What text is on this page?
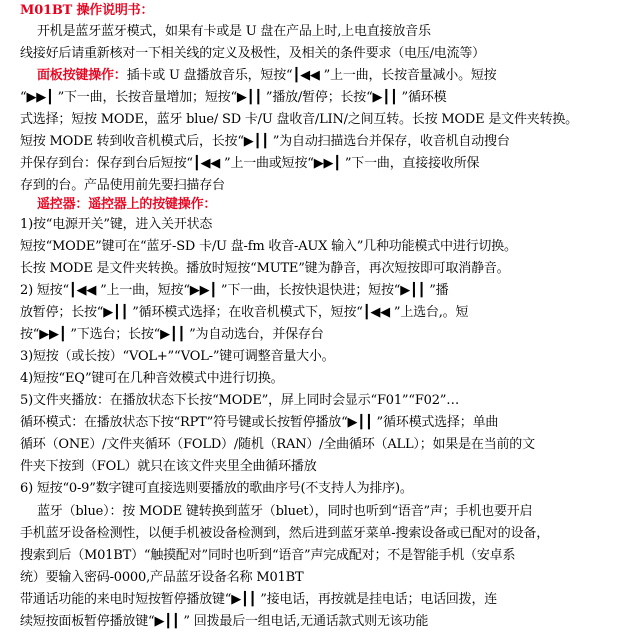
M01BT 操作说明书：
开机是蓝牙蓝牙模式，如果有卡或是 U 盘在产品上时,上电直接放音乐
线接好后请重新核对一下相关线的定义及极性，及相关的条件要求（电压/电流等）
面板按键操作：插卡或 U 盘播放音乐，短按“┃◀◀ ”上一曲，长按音量减小。短按
“▶▶┃ ”下一曲，长按音量增加；短按“▶┃┃ ”播放/暂停；长按“▶┃┃ ”循环模
式选择；短按 MODE，蓝牙 blue/ SD 卡/U 盘收音/LIN/之间互转。长按 MODE 是文件夹转换。
短按 MODE 转到收音机模式后，长按“▶┃┃ ”为自动扫描选台并保存，收音机自动搜台
并保存到台：保存到台后短按“┃◀◀ ”上一曲或短按“▶▶┃ ”下一曲，直接接收所保
存到的台。产品使用前先要扫描存台
遥控器：遥控器上的按键操作：
1)按“电源开关”键，进入关开状态
短按“MODE”键可在“蓝牙-SD 卡/U 盘-fm 收音-AUX 输入”几种功能模式中进行切换。
长按 MODE 是文件夹转换。播放时短按“MUTE”键为静音，再次短按即可取消静音。
2) 短按“┃◀◀ ”上一曲，短按“▶▶┃ ”下一曲，长按快退快进；短按“▶┃┃ ”播
放暂停；长按“▶┃┃ ”循环模式选择；在收音机模式下，短按“┃◀◀ ”上选台,。短
按“▶▶┃ ”下选台；长按“▶┃┃ ”为自动选台，并保存台
3)短按（或长按）“VOL+”“VOL-”键可调整音量大小。
4)短按“EQ”键可在几种音效模式中进行切换。
5)文件夹播放：在播放状态下长按“MODE”，屏上同时会显示“F01”“F02”…
循环模式：在播放状态下按“RPT”符号键或长按暂停播放“▶┃┃ ”循环模式选择；单曲
循环（ONE）/文件夹循环（FOLD）/随机（RAN）/全曲循环（ALL）；如果是在当前的文
件夹下按到（FOL）就只在该文件夹里全曲循环播放
6) 短按“0-9”数字键可直接选则要播放的歌曲序号(不支持人为排序)。
蓝牙（blue）：按 MODE 键转换到蓝牙（bluet），同时也听到“语音”声；手机也要开启
手机蓝牙设备检测性，以便手机被设备检测到，然后进到蓝牙菜单-搜索设备或已配对的设备，
搜索到后（M01BT）“触摸配对”同时也听到“语音”声完成配对；不是智能手机（安卓系
统）要输入密码-0000,产品蓝牙设备名称 M01BT
带通话功能的来电时短按暂停播放键“▶┃┃ ”接电话，再按就是挂电话；电话回拨，连
续短按面板暂停播放键“▶┃┃ ” 回拨最后一组电话,无通话款式则无该功能
